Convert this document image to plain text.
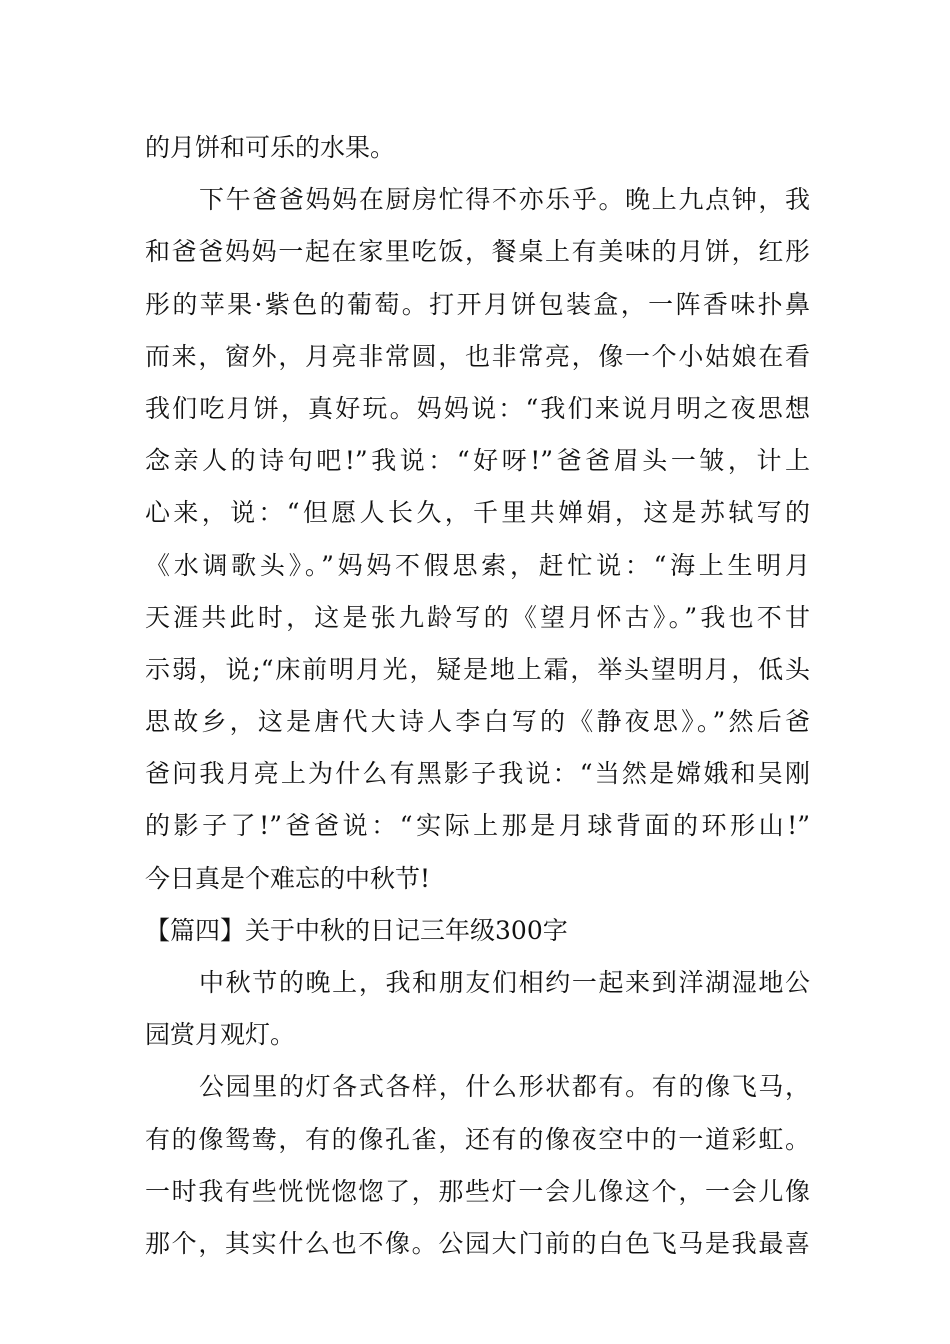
的月饼和可乐的水果。
下午爸爸妈妈在厨房忙得不亦乐乎。晚上九点钟，我
和爸爸妈妈一起在家里吃饭，餐桌上有美味的月饼，红彤
彤的苹果·紫色的葡萄。打开月饼包装盒，一阵香味扑鼻
而来，窗外，月亮非常圆，也非常亮，像一个小姑娘在看
我们吃月饼，真好玩。妈妈说：“我们来说月明之夜思想
念亲人的诗句吧!”我说：“好呀!”爸爸眉头一皱，计上
心来，说：“但愿人长久，千里共婵娟，这是苏轼写的
《水调歌头》。”妈妈不假思索，赶忙说：“海上生明月
天涯共此时，这是张九龄写的《望月怀古》。”我也不甘
示弱，说;“床前明月光，疑是地上霜，举头望明月，低头
思故乡，这是唐代大诗人李白写的《静夜思》。”然后爸
爸问我月亮上为什么有黑影子我说：“当然是嫦娥和吴刚
的影子了!”爸爸说：“实际上那是月球背面的环形山!”
今日真是个难忘的中秋节!
【篇四】关于中秋的日记三年级300字
中秋节的晚上，我和朋友们相约一起来到洋湖湿地公
园赏月观灯。
公园里的灯各式各样，什么形状都有。有的像飞马，
有的像鸳鸯，有的像孔雀，还有的像夜空中的一道彩虹。
一时我有些恍恍惚惚了，那些灯一会儿像这个，一会儿像
那个，其实什么也不像。公园大门前的白色飞马是我最喜
